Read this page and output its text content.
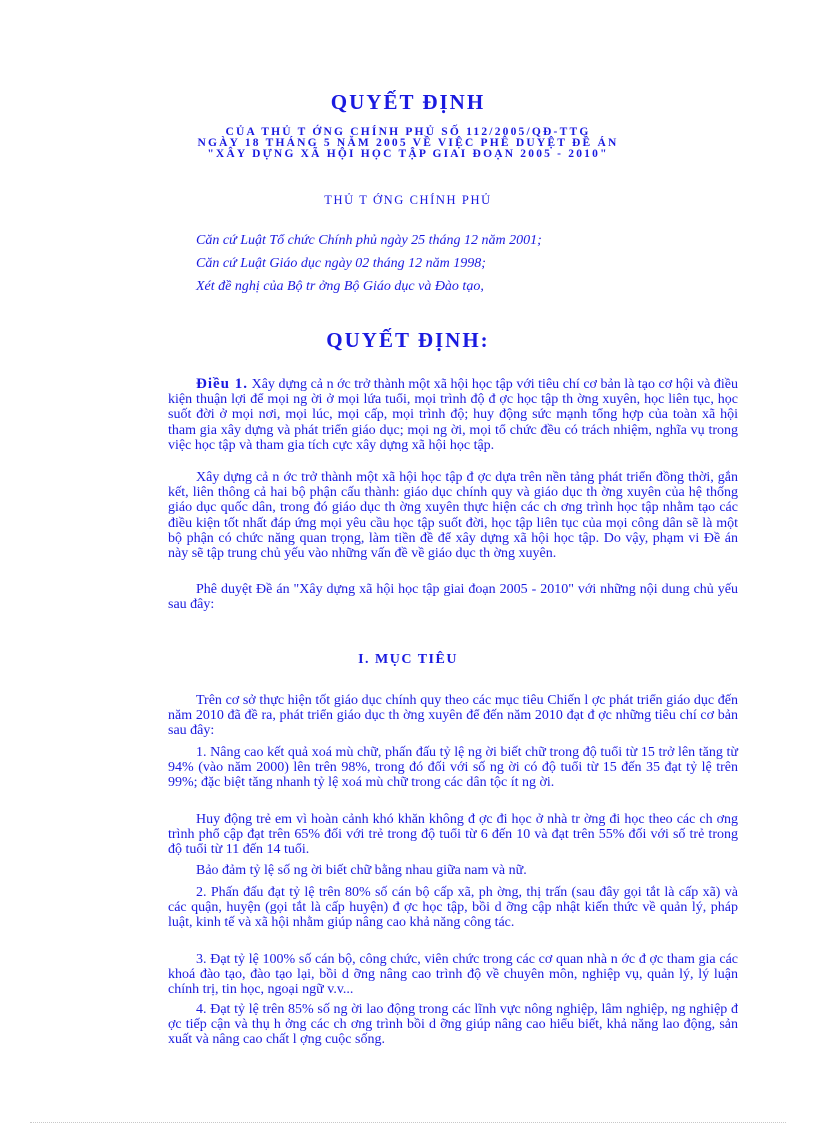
QUYẾT ĐỊNH
CỦA THỦ T ỚNG CHÍNH PHỦ SỐ 112/2005/QĐ-TTG
NGÀY 18 THÁNG 5 NĂM 2005 VỀ VIỆC PHÊ DUYỆT ĐỀ ÁN
"XÂY DỰNG XÃ HỘI HỌC TẬP GIAI ĐOẠN 2005 - 2010"
THỦ T ỚNG CHÍNH PHỦ
Căn cứ Luật Tổ chức Chính phủ ngày 25 tháng 12 năm 2001;
Căn cứ Luật Giáo dục ngày 02 tháng 12 năm 1998;
Xét đề nghị của Bộ tr ởng Bộ Giáo dục và Đào tạo,
QUYẾT ĐỊNH:
Điều 1. Xây dựng cả n ớc trở thành một xã hội học tập với tiêu chí cơ bản là tạo cơ hội và điều kiện thuận lợi để mọi ng ời ở mọi lứa tuổi, mọi trình độ đ ợc học tập th ờng xuyên, học liên tục, học suốt đời ở mọi nơi, mọi lúc, mọi cấp, mọi trình độ; huy động sức mạnh tổng hợp của toàn xã hội tham gia xây dựng và phát triển giáo dục; mọi ng ời, mọi tổ chức đều có trách nhiệm, nghĩa vụ trong việc học tập và tham gia tích cực xây dựng xã hội học tập.
Xây dựng cả n ớc trở thành một xã hội học tập đ ợc dựa trên nền tảng phát triển đồng thời, gắn kết, liên thông cả hai bộ phận cấu thành: giáo dục chính quy và giáo dục th ờng xuyên của hệ thống giáo dục quốc dân, trong đó giáo dục th ờng xuyên thực hiện các ch ơng trình học tập nhằm tạo các điều kiện tốt nhất đáp ứng mọi yêu cầu học tập suốt đời, học tập liên tục của mọi công dân sẽ là một bộ phận có chức năng quan trọng, làm tiền đề để xây dựng xã hội học tập. Do vậy, phạm vi Đề án này sẽ tập trung chủ yếu vào những vấn đề về giáo dục th ờng xuyên.
Phê duyệt Đề án "Xây dựng xã hội học tập giai đoạn 2005 - 2010" với những nội dung chủ yếu sau đây:
I. MỤC TIÊU
Trên cơ sở thực hiện tốt giáo dục chính quy theo các mục tiêu Chiến l ợc phát triển giáo dục đến năm 2010 đã đề ra, phát triển giáo dục th ờng xuyên để đến năm 2010 đạt đ ợc những tiêu chí cơ bản sau đây:
1. Nâng cao kết quả xoá mù chữ, phấn đấu tỷ lệ ng ời biết chữ trong độ tuổi từ 15 trở lên tăng từ 94% (vào năm 2000) lên trên 98%, trong đó đối với số ng ời có độ tuổi từ 15 đến 35 đạt tỷ lệ trên 99%; đặc biệt tăng nhanh tỷ lệ xoá mù chữ trong các dân tộc ít ng ời.
Huy động trẻ em vì hoàn cảnh khó khăn không đ ợc đi học ở nhà tr ờng đi học theo các ch ơng trình phổ cập đạt trên 65% đối với trẻ trong độ tuổi từ 6 đến 10 và đạt trên 55% đối với số trẻ trong độ tuổi từ 11 đến 14 tuổi.
Bảo đảm tỷ lệ số ng ời biết chữ bằng nhau giữa nam và nữ.
2. Phấn đấu đạt tỷ lệ trên 80% số cán bộ cấp xã, ph ờng, thị trấn (sau đây gọi tắt là cấp xã) và các quận, huyện (gọi tắt là cấp huyện) đ ợc học tập, bồi d ỡng cập nhật kiến thức về quản lý, pháp luật, kinh tế và xã hội nhằm giúp nâng cao khả năng công tác.
3. Đạt tỷ lệ 100% số cán bộ, công chức, viên chức trong các cơ quan nhà n ớc đ ợc tham gia các khoá đào tạo, đào tạo lại, bồi d ỡng nâng cao trình độ về chuyên môn, nghiệp vụ, quản lý, lý luận chính trị, tin học, ngoại ngữ v.v...
4. Đạt tỷ lệ trên 85% số ng ời lao động trong các lĩnh vực nông nghiệp, lâm nghiệp, ng nghiệp đ ợc tiếp cận và thụ h ởng các ch ơng trình bồi d ỡng giúp nâng cao hiểu biết, khả năng lao động, sản xuất và nâng cao chất l ợng cuộc sống.
